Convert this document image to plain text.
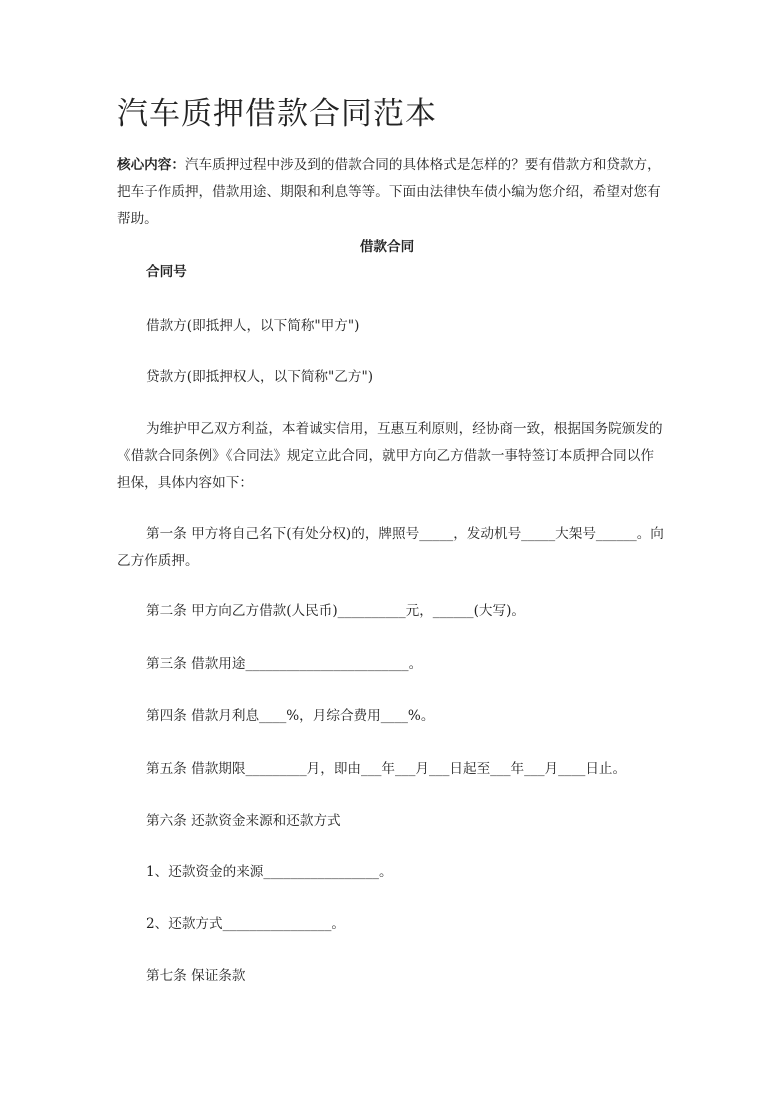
汽车质押借款合同范本

核心内容：汽车质押过程中涉及到的借款合同的具体格式是怎样的？要有借款方和贷款方，把车子作质押，借款用途、期限和利息等等。下面由法律快车债小编为您介绍，希望对您有帮助。

借款合同

合同号

借款方(即抵押人，以下简称"甲方")

贷款方(即抵押权人，以下简称"乙方")

为维护甲乙双方利益，本着诚实信用，互惠互利原则，经协商一致，根据国务院颁发的《借款合同条例》《合同法》规定立此合同，就甲方向乙方借款一事特签订本质押合同以作担保，具体内容如下：

第一条 甲方将自己名下(有处分权)的，牌照号_____，发动机号_____大架号______。向乙方作质押。

第二条 甲方向乙方借款(人民币)__________元，______(大写)。

第三条 借款用途________________________。

第四条 借款月利息____%，月综合费用____%。

第五条 借款期限_________月，即由___年___月___日起至___年___月____日止。

第六条 还款资金来源和还款方式

1、还款资金的来源_________________。

2、还款方式________________。

第七条 保证条款
